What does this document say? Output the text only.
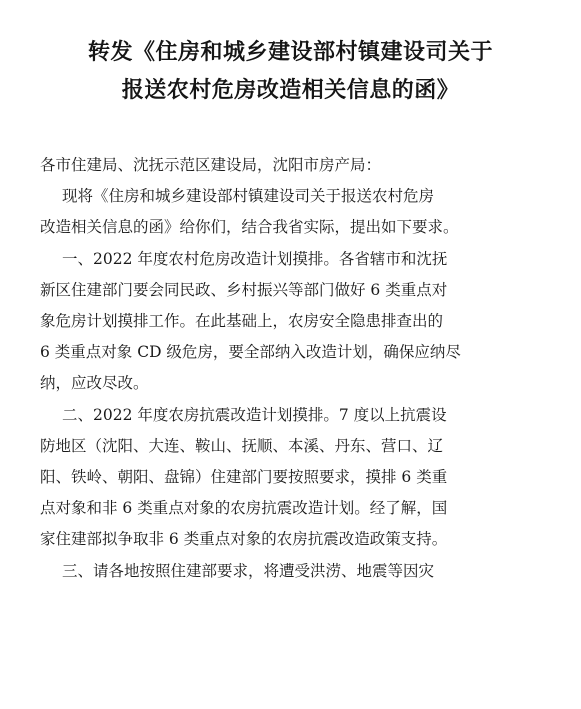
转发《住房和城乡建设部村镇建设司关于
报送农村危房改造相关信息的函》
各市住建局、沈抚示范区建设局，沈阳市房产局：
现将《住房和城乡建设部村镇建设司关于报送农村危房
改造相关信息的函》给你们，结合我省实际，提出如下要求。
一、2022 年度农村危房改造计划摸排。各省辖市和沈抚
新区住建部门要会同民政、乡村振兴等部门做好 6 类重点对
象危房计划摸排工作。在此基础上，农房安全隐患排查出的
6 类重点对象 CD 级危房，要全部纳入改造计划，确保应纳尽
纳，应改尽改。
二、2022 年度农房抗震改造计划摸排。7 度以上抗震设
防地区（沈阳、大连、鞍山、抚顺、本溪、丹东、营口、辽
阳、铁岭、朝阳、盘锦）住建部门要按照要求，摸排 6 类重
点对象和非 6 类重点对象的农房抗震改造计划。经了解，国
家住建部拟争取非 6 类重点对象的农房抗震改造政策支持。
三、请各地按照住建部要求，将遭受洪涝、地震等因灾
